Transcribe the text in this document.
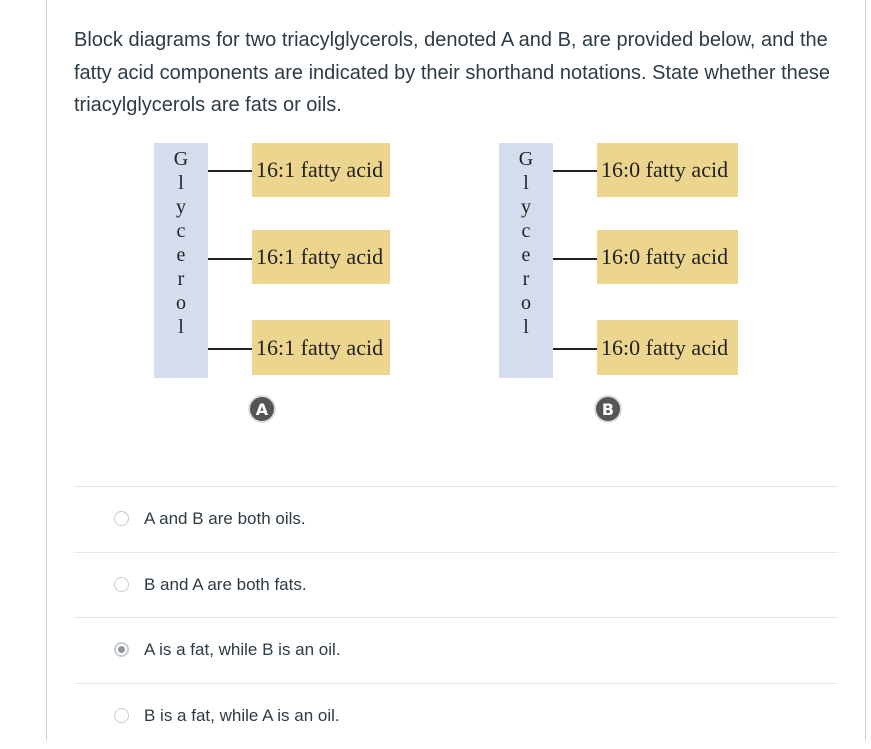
Block diagrams for two triacylglycerols, denoted A and B, are provided below, and the fatty acid components are indicated by their shorthand notations. State whether these triacylglycerols are fats or oils.
G
l
y
c
e
r
o
l
16:1 fatty acid
16:1 fatty acid
16:1 fatty acid
A
G
l
y
c
e
r
o
l
16:0 fatty acid
16:0 fatty acid
16:0 fatty acid
B
A and B are both oils.
B and A are both fats.
A is a fat, while B is an oil.
B is a fat, while A is an oil.
